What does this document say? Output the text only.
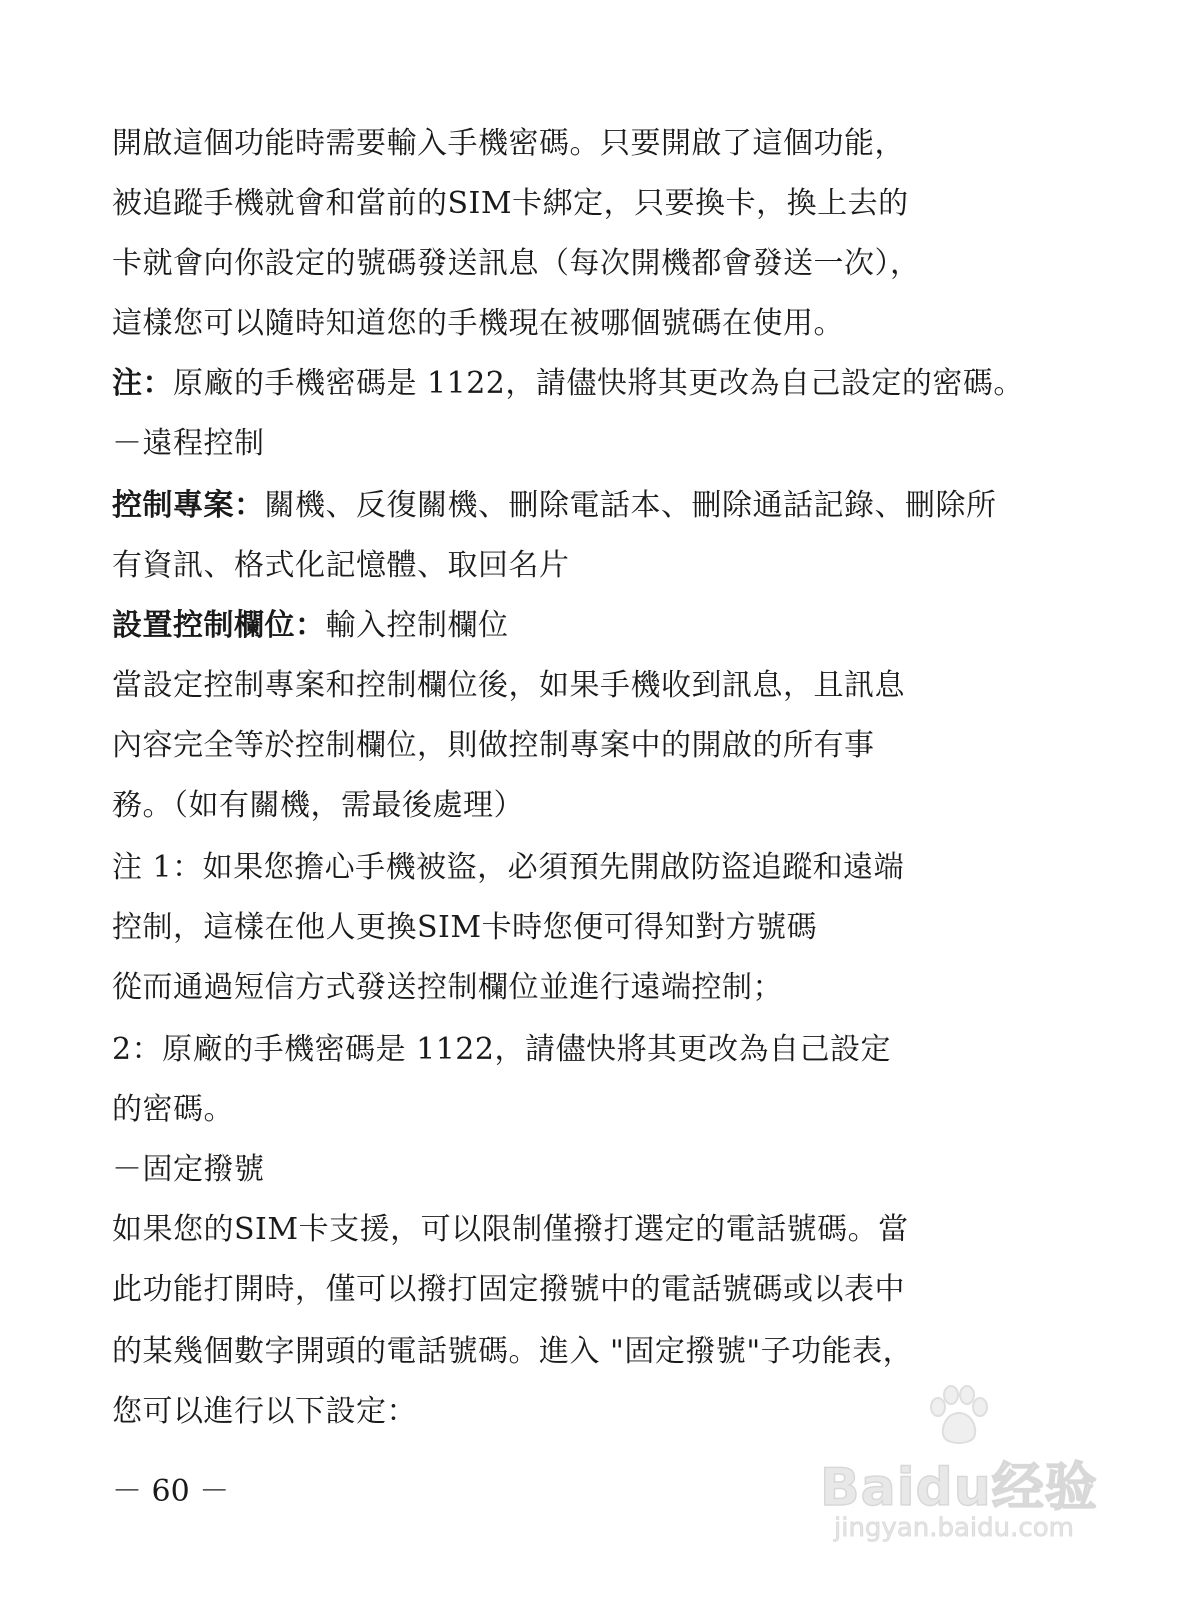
開啟這個功能時需要輸入手機密碼。只要開啟了這個功能，
被追蹤手機就會和當前的SIM卡綁定，只要換卡，換上去的
卡就會向你設定的號碼發送訊息（每次開機都會發送一次），
這樣您可以隨時知道您的手機現在被哪個號碼在使用。
注：原廠的手機密碼是 1122，請儘快將其更改為自己設定的密碼。
－遠程控制
控制專案：關機、反復關機、刪除電話本、刪除通話記錄、刪除所
有資訊、格式化記憶體、取回名片
設置控制欄位：輸入控制欄位
當設定控制專案和控制欄位後，如果手機收到訊息，且訊息
內容完全等於控制欄位，則做控制專案中的開啟的所有事
務。（如有關機，需最後處理）
注 1：如果您擔心手機被盜，必須預先開啟防盜追蹤和遠端
控制，這樣在他人更換SIM卡時您便可得知對方號碼
從而通過短信方式發送控制欄位並進行遠端控制；
2：原廠的手機密碼是 1122，請儘快將其更改為自己設定
的密碼。
－固定撥號
如果您的SIM卡支援，可以限制僅撥打選定的電話號碼。當
此功能打開時，僅可以撥打固定撥號中的電話號碼或以表中
的某幾個數字開頭的電話號碼。進入 "固定撥號"子功能表，
您可以進行以下設定：
－ 60 －	Baidu经验
jingyan.baidu.com
